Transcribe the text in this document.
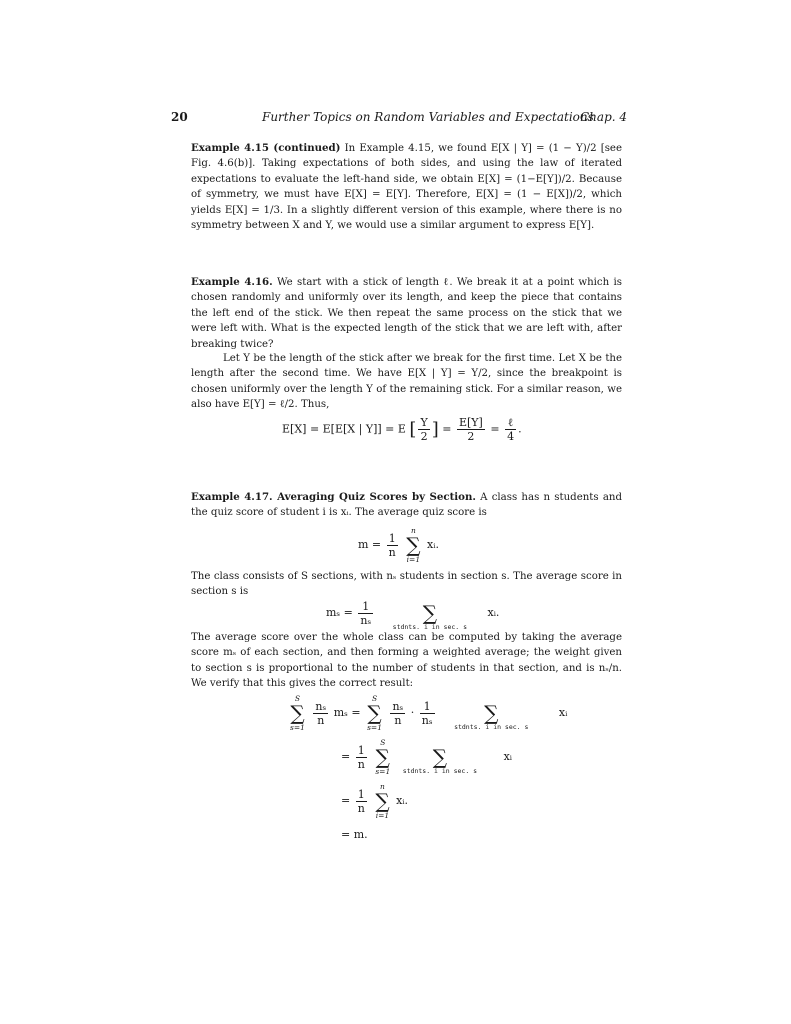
20	Further Topics on Random Variables and Expectations
Chap. 4
Example 4.15 (continued) In Example 4.15, we found E[X | Y] = (1 − Y)/2 [see Fig. 4.6(b)]. Taking expectations of both sides, and using the law of iterated expectations to evaluate the left-hand side, we obtain E[X] = (1−E[Y])/2. Because of symmetry, we must have E[X] = E[Y]. Therefore, E[X] = (1 − E[X])/2, which yields E[X] = 1/3. In a slightly different version of this example, where there is no symmetry between X and Y, we would use a similar argument to express E[Y].
Example 4.16. We start with a stick of length ℓ. We break it at a point which is chosen randomly and uniformly over its length, and keep the piece that contains the left end of the stick. We then repeat the same process on the stick that we were left with. What is the expected length of the stick that we are left with, after breaking twice?
Let Y be the length of the stick after we break for the first time. Let X be the length after the second time. We have E[X | Y] = Y/2, since the breakpoint is chosen uniformly over the length Y of the remaining stick. For a similar reason, we also have E[Y] = ℓ/2. Thus,
E[X] = E[E[X | Y]] = E [ $\frac{Y}{2}$ ] = $\frac{E[Y]}{2} = \frac{\text{ℓ}}{4}$ .
Example 4.17. Averaging Quiz Scores by Section. A class has n students and the quiz score of student i is xᵢ. The average quiz score is
$m = \frac{1}{n}$

n
∑
i=1
xᵢ.
The class consists of S sections, with nₛ students in section s. The average score in section s is
$m_s = \frac{1}{\text{nₛ}}$

	∑
stdnts. i in sec. s
xᵢ.
The average score over the whole class can be computed by taking the average score mₛ of each section, and then forming a weighted average; the weight given to section s is proportional to the number of students in that section, and is nₛ/n. We verify that this gives the correct result:
S
∑
s=1

$\frac{\text{nₛ}}{n}$ mₛ =
S
∑
s=1

$\frac{\text{nₛ}}{n} \cdot \frac{1}{\text{nₛ}}$

	∑
stdnts. i in sec. s
xᵢ
= $\frac{1}{n}$

S
∑
s=1

∑
stdnts. i in sec. s
xᵢ
= $\frac{1}{n}$

n
∑
i=1
xᵢ.
= m.
